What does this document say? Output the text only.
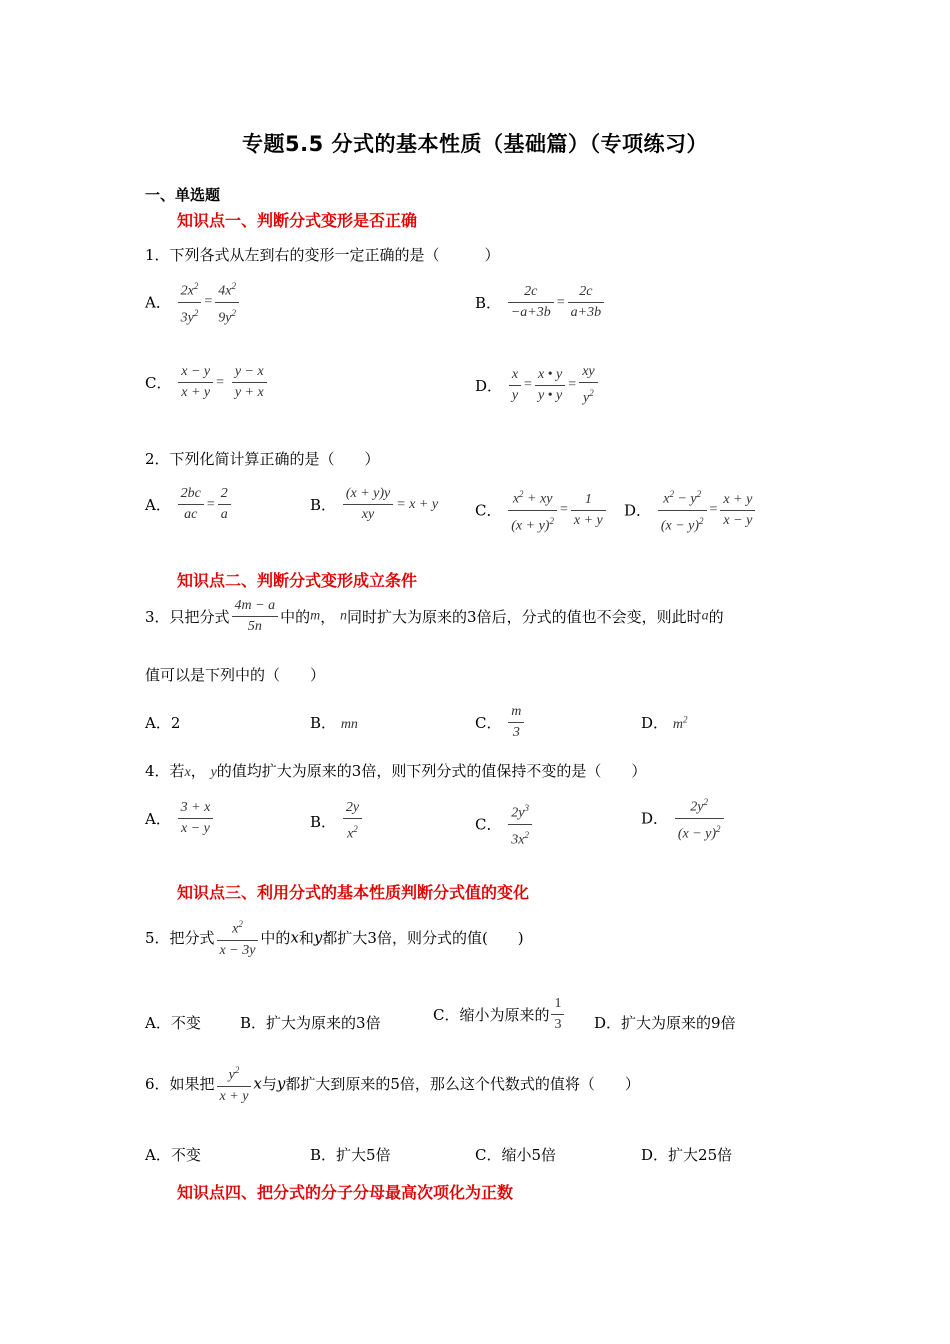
专题5.5 分式的基本性质（基础篇）（专项练习）
一、单选题
知识点一、判断分式变形是否正确
1．下列各式从左到右的变形一定正确的是（　　　）
A． $\frac{2x^2}{3y^2} = \frac{4x^2}{9y^2}$	B． $\frac{2c}{-a+3b} = \frac{2c}{a+3b}$
C． $\frac{x - y}{x + y} = \frac{y - x}{y + x}$	D． $\frac{x}{y} = \frac{x • y}{y • y} = \frac{xy}{y^2}$
2．下列化简计算正确的是（　　）
A． $\frac{2bc}{ac} = \frac{2}{a}$	B． $\frac{(x + y)y}{xy} = x + y$ C． $\frac{x^2 + xy}{(x + y)^2} = \frac{1}{x + y}$ D． $\frac{x^2 - y^2}{(x - y)^2} = \frac{x + y}{x - y}$
知识点二、判断分式变形成立条件
3．只把分式 $\frac{4m - a}{5n}$ 中的m， n同时扩大为原来的3倍后，分式的值也不会变，则此时a的
值可以是下列中的（　　）
A．2	B． mn	C． $\frac{m}{3}$	D． $m^2$
4．若x， y的值均扩大为原来的3倍，则下列分式的值保持不变的是（　　）
A． $\frac{3 + x}{x - y}$	B． $\frac{2y}{x^2}$	C． $\frac{2y^3}{3x^2}$	D． $\frac{2y^2}{(x - y)^2}$
知识点三、利用分式的基本性质判断分式值的变化
5．把分式 $\frac{x^2}{x - 3y}$ 中的x和y都扩大3倍，则分式的值(　　)
A．不变	B．扩大为原来的3倍	C．缩小为原来的 $\frac{1}{3}$ D．扩大为原来的9倍
6．如果把 $\frac{y^2}{x + y}$ x与y都扩大到原来的5倍，那么这个代数式的值将（　　）
A．不变	B．扩大5倍	C．缩小5倍	D．扩大25倍
知识点四、把分式的分子分母最高次项化为正数
